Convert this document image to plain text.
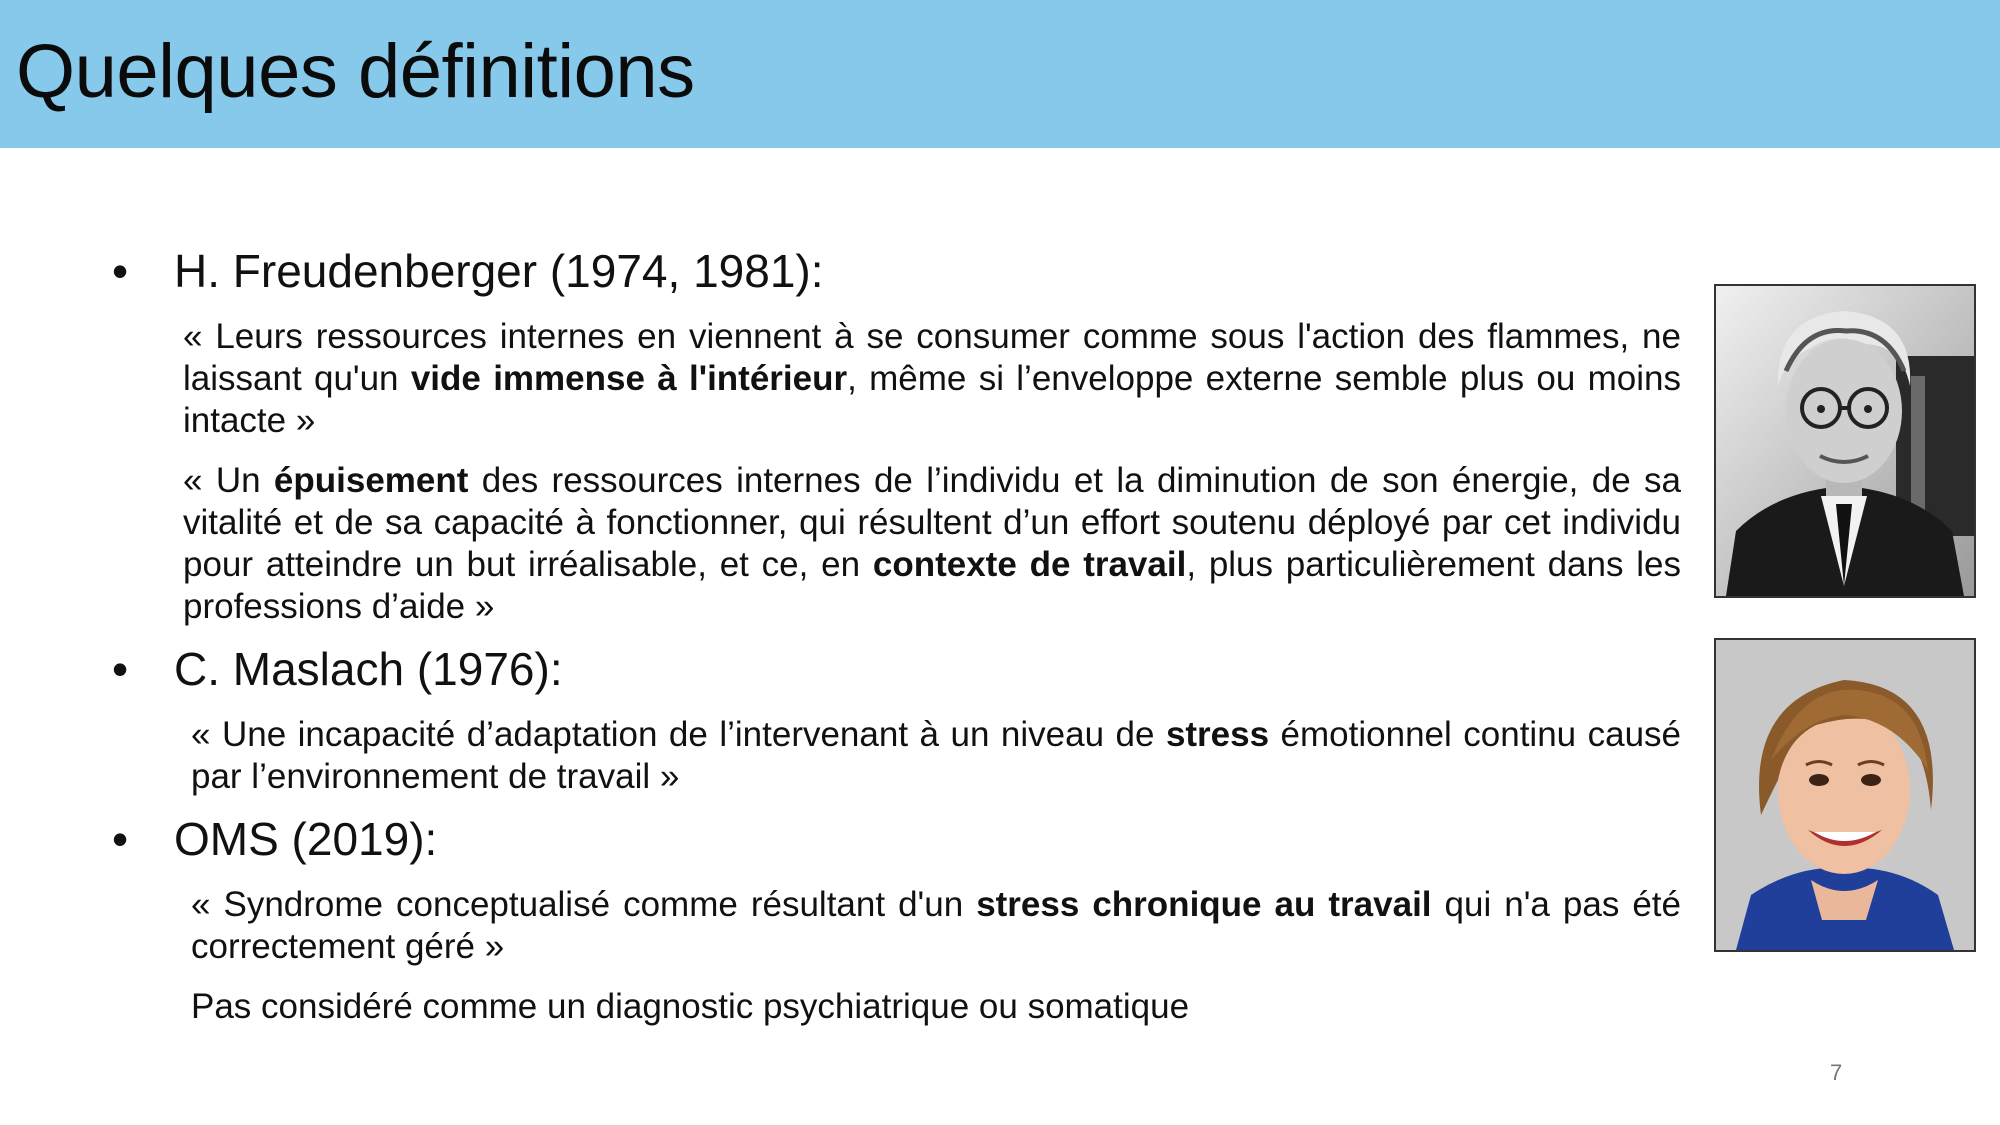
Quelques définitions
• H. Freudenberger (1974, 1981):

« Leurs ressources internes en viennent à se consumer comme sous l'action des flammes, ne laissant qu'un vide immense à l'intérieur, même si l’enveloppe externe semble plus ou moins intacte »

« Un épuisement des ressources internes de l’individu et la diminution de son énergie, de sa vitalité et de sa capacité à fonctionner, qui résultent d’un effort soutenu déployé par cet individu pour atteindre un but irréalisable, et ce, en contexte de travail, plus particulièrement dans les professions d’aide »

• C. Maslach (1976):

« Une incapacité d’adaptation de l’intervenant à un niveau de stress émotionnel continu causé par l’environnement de travail »

• OMS (2019):

« Syndrome conceptualisé comme résultant d'un stress chronique au travail qui n'a pas été correctement géré »

Pas considéré comme un diagnostic psychiatrique ou somatique

7
